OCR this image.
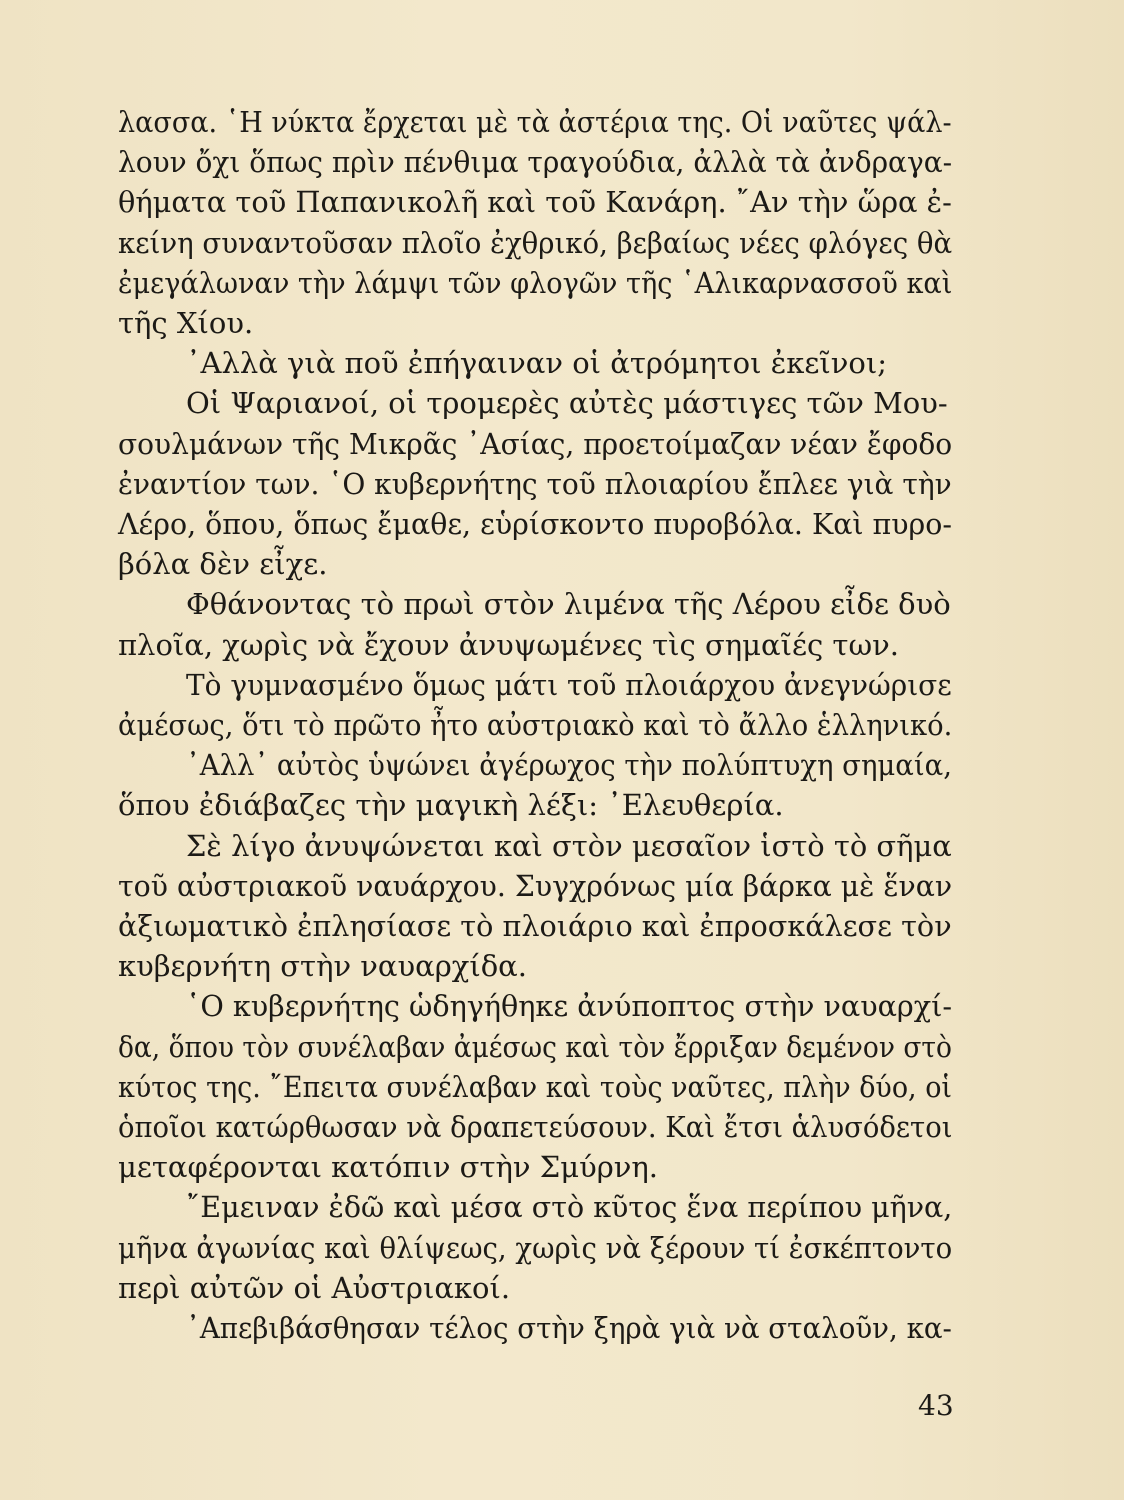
λασσα. ῾Η νύκτα ἔρχεται μὲ τὰ ἀστέρια της. Οἱ ναῦτες ψάλ-
λουν ὄχι ὅπως πρὶν πένθιμα τραγούδια, ἀλλὰ τὰ ἀνδραγα-
θήματα τοῦ Παπανικολῆ καὶ τοῦ Κανάρη. ῎Αν τὴν ὥρα ἐ-
κείνη συναντοῦσαν πλοῖο ἐχθρικό, βεβαίως νέες φλόγες θὰ
ἐμεγάλωναν τὴν λάμψι τῶν φλογῶν τῆς ῾Αλικαρνασσοῦ καὶ
τῆς Χίου.
᾿Αλλὰ γιὰ ποῦ ἐπήγαιναν οἱ ἀτρόμητοι ἐκεῖνοι;
Οἱ Ψαριανοί, οἱ τρομερὲς αὐτὲς μάστιγες τῶν Μου-
σουλμάνων τῆς Μικρᾶς ᾿Ασίας, προετοίμαζαν νέαν ἔφοδο
ἐναντίον των. ῾Ο κυβερνήτης τοῦ πλοιαρίου ἔπλεε γιὰ τὴν
Λέρο, ὅπου, ὅπως ἔμαθε, εὑρίσκοντο πυροβόλα. Καὶ πυρο-
βόλα δὲν εἶχε.
Φθάνοντας τὸ πρωὶ στὸν λιμένα τῆς Λέρου εἶδε δυὸ
πλοῖα, χωρὶς νὰ ἔχουν ἀνυψωμένες τὶς σημαῖές των.
Τὸ γυμνασμένο ὅμως μάτι τοῦ πλοιάρχου ἀνεγνώρισε
ἀμέσως, ὅτι τὸ πρῶτο ἦτο αὐστριακὸ καὶ τὸ ἄλλο ἑλληνικό.
᾿Αλλ᾿ αὐτὸς ὑψώνει ἀγέρωχος τὴν πολύπτυχη σημαία,
ὅπου ἐδιάβαζες τὴν μαγικὴ λέξι: ᾿Ελευθερία.
Σὲ λίγο ἀνυψώνεται καὶ στὸν μεσαῖον ἱστὸ τὸ σῆμα
τοῦ αὐστριακοῦ ναυάρχου. Συγχρόνως μία βάρκα μὲ ἕναν
ἀξιωματικὸ ἐπλησίασε τὸ πλοιάριο καὶ ἐπροσκάλεσε τὸν
κυβερνήτη στὴν ναυαρχίδα.
῾Ο κυβερνήτης ὡδηγήθηκε ἀνύποπτος στὴν ναυαρχί-
δα, ὅπου τὸν συνέλαβαν ἀμέσως καὶ τὸν ἔρριξαν δεμένον στὸ
κύτος της. ῎Επειτα συνέλαβαν καὶ τοὺς ναῦτες, πλὴν δύο, οἱ
ὁποῖοι κατώρθωσαν νὰ δραπετεύσουν. Καὶ ἔτσι ἁλυσόδετοι
μεταφέρονται κατόπιν στὴν Σμύρνη.
῎Εμειναν ἐδῶ καὶ μέσα στὸ κῦτος ἕνα περίπου μῆνα,
μῆνα ἀγωνίας καὶ θλίψεως, χωρὶς νὰ ξέρουν τί ἐσκέπτοντο
περὶ αὐτῶν οἱ Αὐστριακοί.
᾿Απεβιβάσθησαν τέλος στὴν ξηρὰ γιὰ νὰ σταλοῦν, κα-
43
